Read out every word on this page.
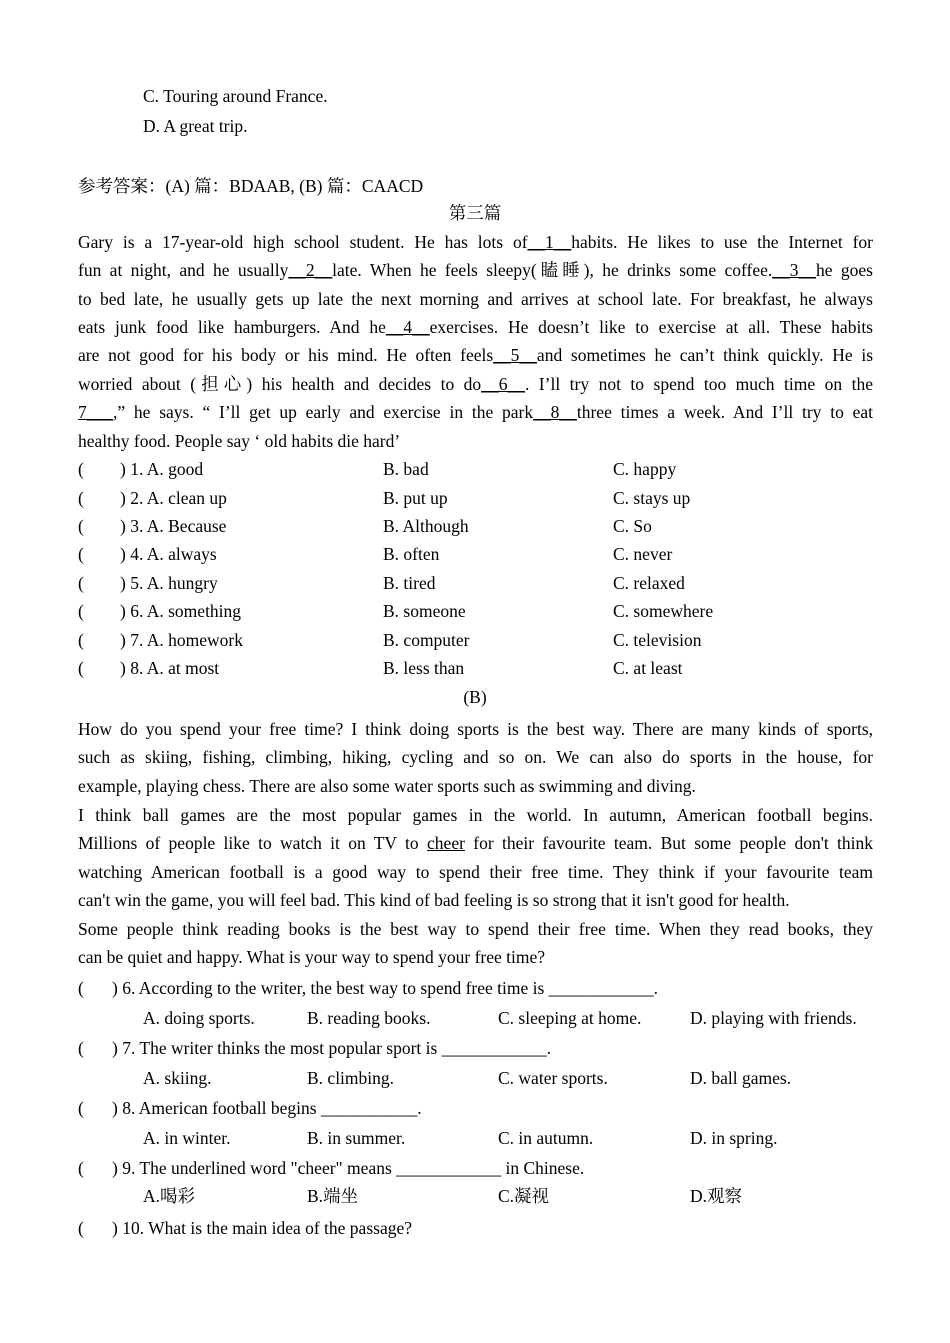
C. Touring around France.
D. A great trip.
参考答案：(A) 篇：BDAAB, (B) 篇：CAACD
第三篇
Gary is a 17-year-old high school student. He has lots of__1__habits. He likes to use the Internet for
fun at night, and he usually__2__late. When he feels sleepy(瞌睡), he drinks some coffee.__3__he goes
to bed late, he usually gets up late the next morning and arrives at school late. For breakfast, he always
eats junk food like hamburgers. And he__4__exercises. He doesn’t like to exercise at all. These habits
are not good for his body or his mind. He often feels__5__and sometimes he can’t think quickly. He is
worried about (担心) his health and decides to do__6__. I’ll try not to spend too much time on the
7___,” he says. “ I’ll get up early and exercise in the park__8__three times a week. And I’ll try to eat
healthy food. People say ‘ old habits die hard’
( ) 1. A. good	B. bad	C. happy
( ) 2. A. clean up	B. put up	C. stays up
( ) 3. A. Because	B. Although	C. So
( ) 4. A. always	B. often	C. never
( ) 5. A. hungry	B. tired	C. relaxed
( ) 6. A. something	B. someone	C. somewhere
( ) 7. A. homework	B. computer	C. television
( ) 8. A. at most	B. less than	C. at least
(B)
How do you spend your free time? I think doing sports is the best way. There are many kinds of sports,
such as skiing, fishing, climbing, hiking, cycling and so on. We can also do sports in the house, for
example, playing chess. There are also some water sports such as swimming and diving.
I think ball games are the most popular games in the world. In autumn, American football begins.
Millions of people like to watch it on TV to cheer for their favourite team. But some people don't think
watching American football is a good way to spend their free time. They think if your favourite team
can't win the game, you will feel bad. This kind of bad feeling is so strong that it isn't good for health.
Some people think reading books is the best way to spend their free time. When they read books, they
can be quiet and happy. What is your way to spend your free time?
( ) 6. According to the writer, the best way to spend free time is ____________.
A. doing sports.	B. reading books.	C. sleeping at home.	D. playing with friends.
( ) 7. The writer thinks the most popular sport is ____________.
A. skiing.	B. climbing.	C. water sports.	D. ball games.
( ) 8. American football begins ___________.
A. in winter.	B. in summer.	C. in autumn.	D. in spring.
( ) 9. The underlined word "cheer" means ____________ in Chinese.
A.喝彩	B.端坐	C.凝视	D.观察
( ) 10. What is the main idea of the passage?
